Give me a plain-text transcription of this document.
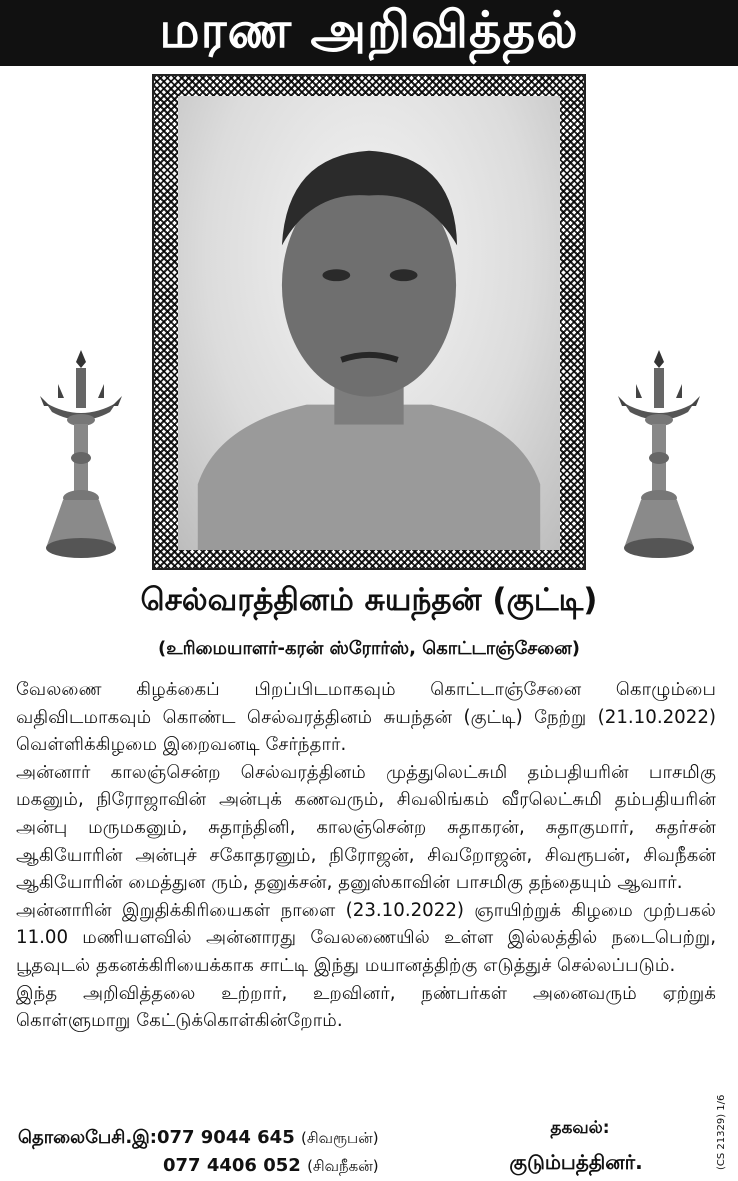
மரண அறிவித்தல்
செல்வரத்தினம் சுயந்தன் (குட்டி)
(உரிமையாளர்-கரன் ஸ்ரோர்ஸ், கொட்டாஞ்சேனை)

வேலணை கிழக்கைப் பிறப்பிடமாகவும் கொட்டாஞ்சேனை கொழும்பை வதிவிடமாகவும் கொண்ட செல்வரத்தினம் சுயந்தன் (குட்டி) நேற்று (21.10.2022) வெள்ளிக்கிழமை இறைவனடி சேர்ந்தார்.

அன்னார் காலஞ்சென்ற செல்வரத்தினம் முத்துலெட்சுமி தம்பதியரின் பாசமிகு மகனும், நிரோஜாவின் அன்புக் கணவரும், சிவலிங்கம் வீரலெட்சுமி தம்பதியரின் அன்பு மருமகனும், சுதாந்தினி, காலஞ்சென்ற சுதாகரன், சுதாகுமார், சுதர்சன் ஆகியோரின் அன்புச் சகோதரனும், நிரோஜன், சிவறோஜன், சிவரூபன், சிவநீகன் ஆகியோரின் மைத்துன ரும், தனுக்சன், தனுஸ்காவின் பாசமிகு தந்தையும் ஆவார்.

அன்னாரின் இறுதிக்கிரியைகள் நாளை (23.10.2022) ஞாயிற்றுக் கிழமை முற்பகல் 11.00 மணியளவில் அன்னாரது வேலணையில் உள்ள இல்லத்தில் நடைபெற்று, பூதவுடல் தகனக்கிரியைக்காக சாட்டி இந்து மயானத்திற்கு எடுத்துச் செல்லப்படும்.

இந்த அறிவித்தலை உற்றார், உறவினர், நண்பர்கள் அனைவரும் ஏற்றுக் கொள்ளுமாறு கேட்டுக்கொள்கின்றோம்.

தொலைபேசி.இ:077 9044 645 (சிவரூபன்)
077 4406 052 (சிவநீகன்)
தகவல்:
குடும்பத்தினர்.	(CS 21329) 1/6
